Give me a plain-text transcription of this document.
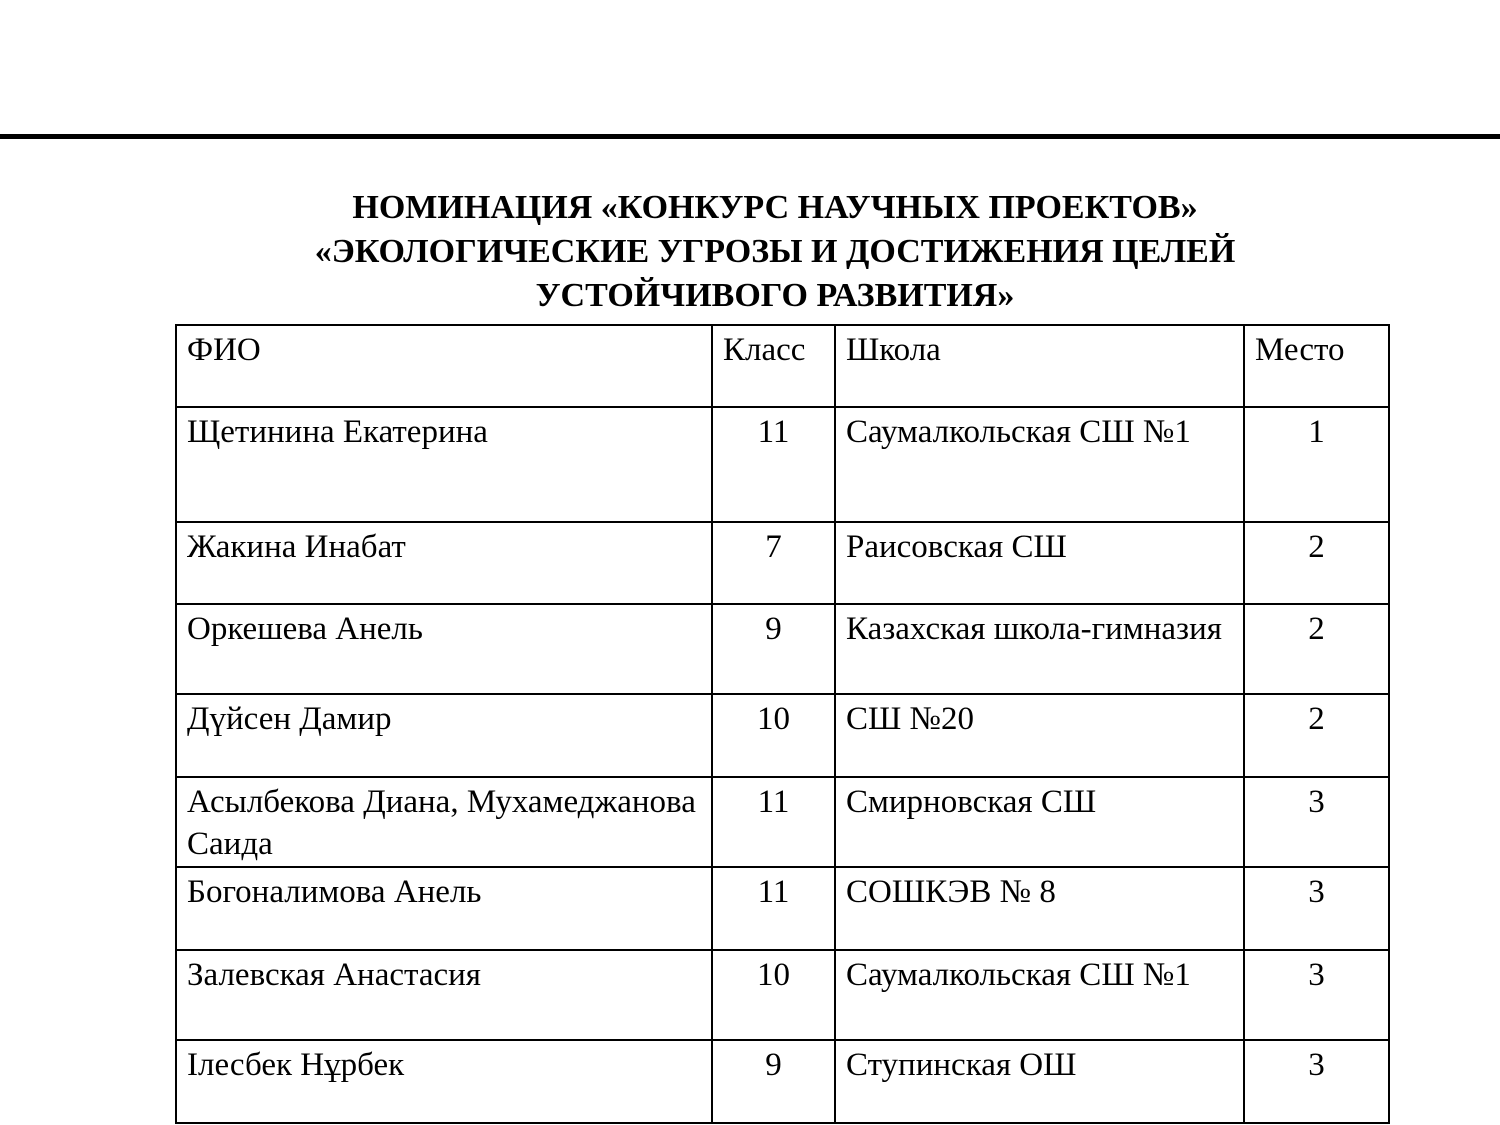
НОМИНАЦИЯ «КОНКУРС НАУЧНЫХ ПРОЕКТОВ»
«ЭКОЛОГИЧЕСКИЕ УГРОЗЫ И ДОСТИЖЕНИЯ ЦЕЛЕЙ
УСТОЙЧИВОГО РАЗВИТИЯ»
ФИО	Класс	Школа	Место
Щетинина Екатерина	11	Саумалкольская СШ №1	1
Жакина Инабат	7	Раисовская СШ	2
Оркешева Анель	9	Казахская школа-гимназия	2
Дүйсен Дамир	10	СШ №20	2
Асылбекова Диана, Мухамеджанова Саида	11	Смирновская СШ	3
Богоналимова Анель	11	СОШКЭВ № 8	3
Залевская Анастасия	10	Саумалкольская СШ №1	3
Ілесбек Нұрбек	9	Ступинская ОШ	3
